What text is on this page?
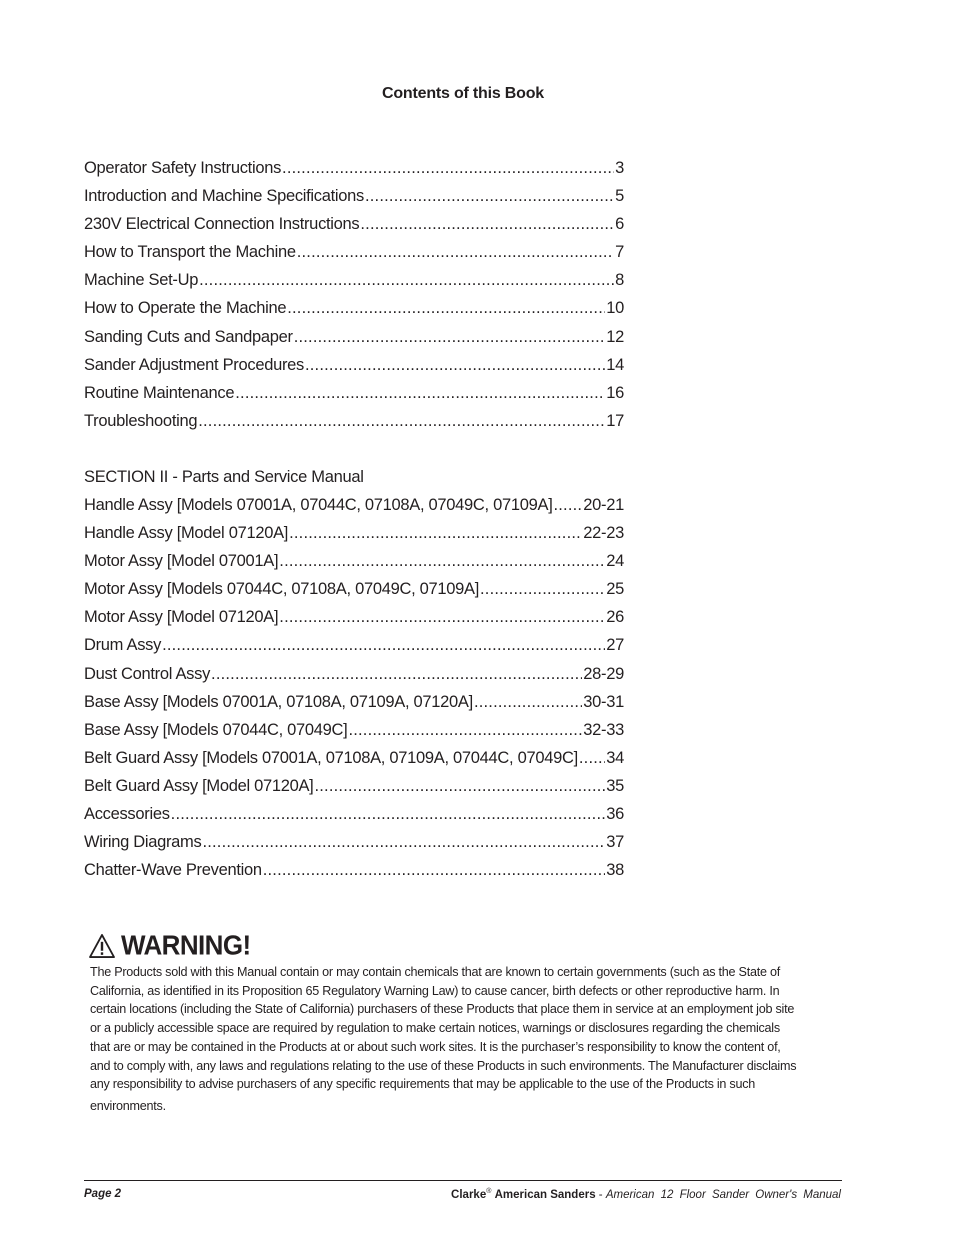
Contents of this Book
Operator Safety Instructions .....	3
Introduction and Machine Specifications .....	5
230V Electrical Connection Instructions .....	6
How to Transport the Machine .....	7
Machine Set-Up .....	8
How to Operate the Machine .....	10
Sanding Cuts and Sandpaper .....	12
Sander Adjustment Procedures .....	14
Routine Maintenance .....	16
Troubleshooting .....	17
SECTION II - Parts and Service Manual
Handle Assy [Models 07001A, 07044C, 07108A, 07049C, 07109A] ..... 20-21
Handle Assy [Model 07120A] .....	22-23
Motor Assy [Model 07001A] .....	24
Motor Assy [Models 07044C, 07108A, 07049C, 07109A] .....	25
Motor Assy [Model 07120A] .....	26
Drum Assy .....	27
Dust Control Assy .....	28-29
Base Assy [Models 07001A, 07108A, 07109A, 07120A] .....	30-31
Base Assy [Models 07044C, 07049C] .....	32-33
Belt Guard Assy [Models 07001A, 07108A, 07109A, 07044C, 07049C] ..... 34
Belt Guard Assy [Model 07120A] .....	35
Accessories .....	36
Wiring Diagrams .....	37
Chatter-Wave Prevention .....	38
WARNING!

The Products sold with this Manual contain or may contain chemicals that are known to certain governments (such as the State of

California, as identified in its Proposition 65 Regulatory Warning Law) to cause cancer, birth defects or other reproductive harm. In

certain locations (including the State of California) purchasers of these Products that place them in service at an employment job site

or a publicly accessible space are required by regulation to make certain notices, warnings or disclosures regarding the chemicals

that are or may be contained in the Products at or about such work sites. It is the purchaser’s responsibility to know the content of,

and to comply with, any laws and regulations relating to the use of these Products in such environments. The Manufacturer disclaims

any responsibility to advise purchasers of any specific requirements that may be applicable to the use of the Products in such

environments.

Page 2	Clarke® American Sanders - American 12 Floor Sander Owner's Manual
